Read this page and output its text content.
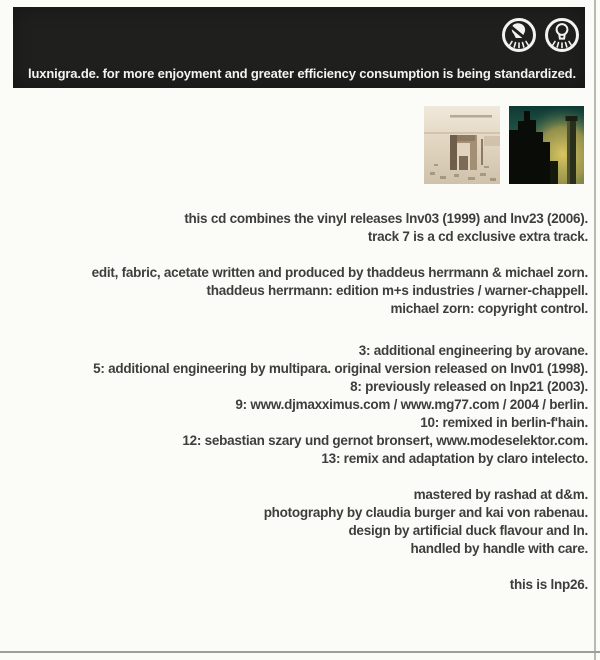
luxnigra.de. for more enjoyment and greater efficiency consumption is being standardized.
this cd combines the vinyl releases lnv03 (1999) and lnv23 (2006).
track 7 is a cd exclusive extra track.
edit, fabric, acetate written and produced by thaddeus herrmann & michael zorn.
thaddeus herrmann: edition m+s industries / warner-chappell.
michael zorn: copyright control.
3: additional engineering by arovane.
5: additional engineering by multipara. original version released on lnv01 (1998).
8: previously released on lnp21 (2003).
9: www.djmaxximus.com / www.mg77.com / 2004 / berlin.
10: remixed in berlin-f'hain.
12: sebastian szary und gernot bronsert, www.modeselektor.com.
13: remix and adaptation by claro intelecto.
mastered by rashad at d&m.
photography by claudia burger and kai von rabenau.
design by artificial duck flavour and ln.
handled by handle with care.
this is lnp26.
